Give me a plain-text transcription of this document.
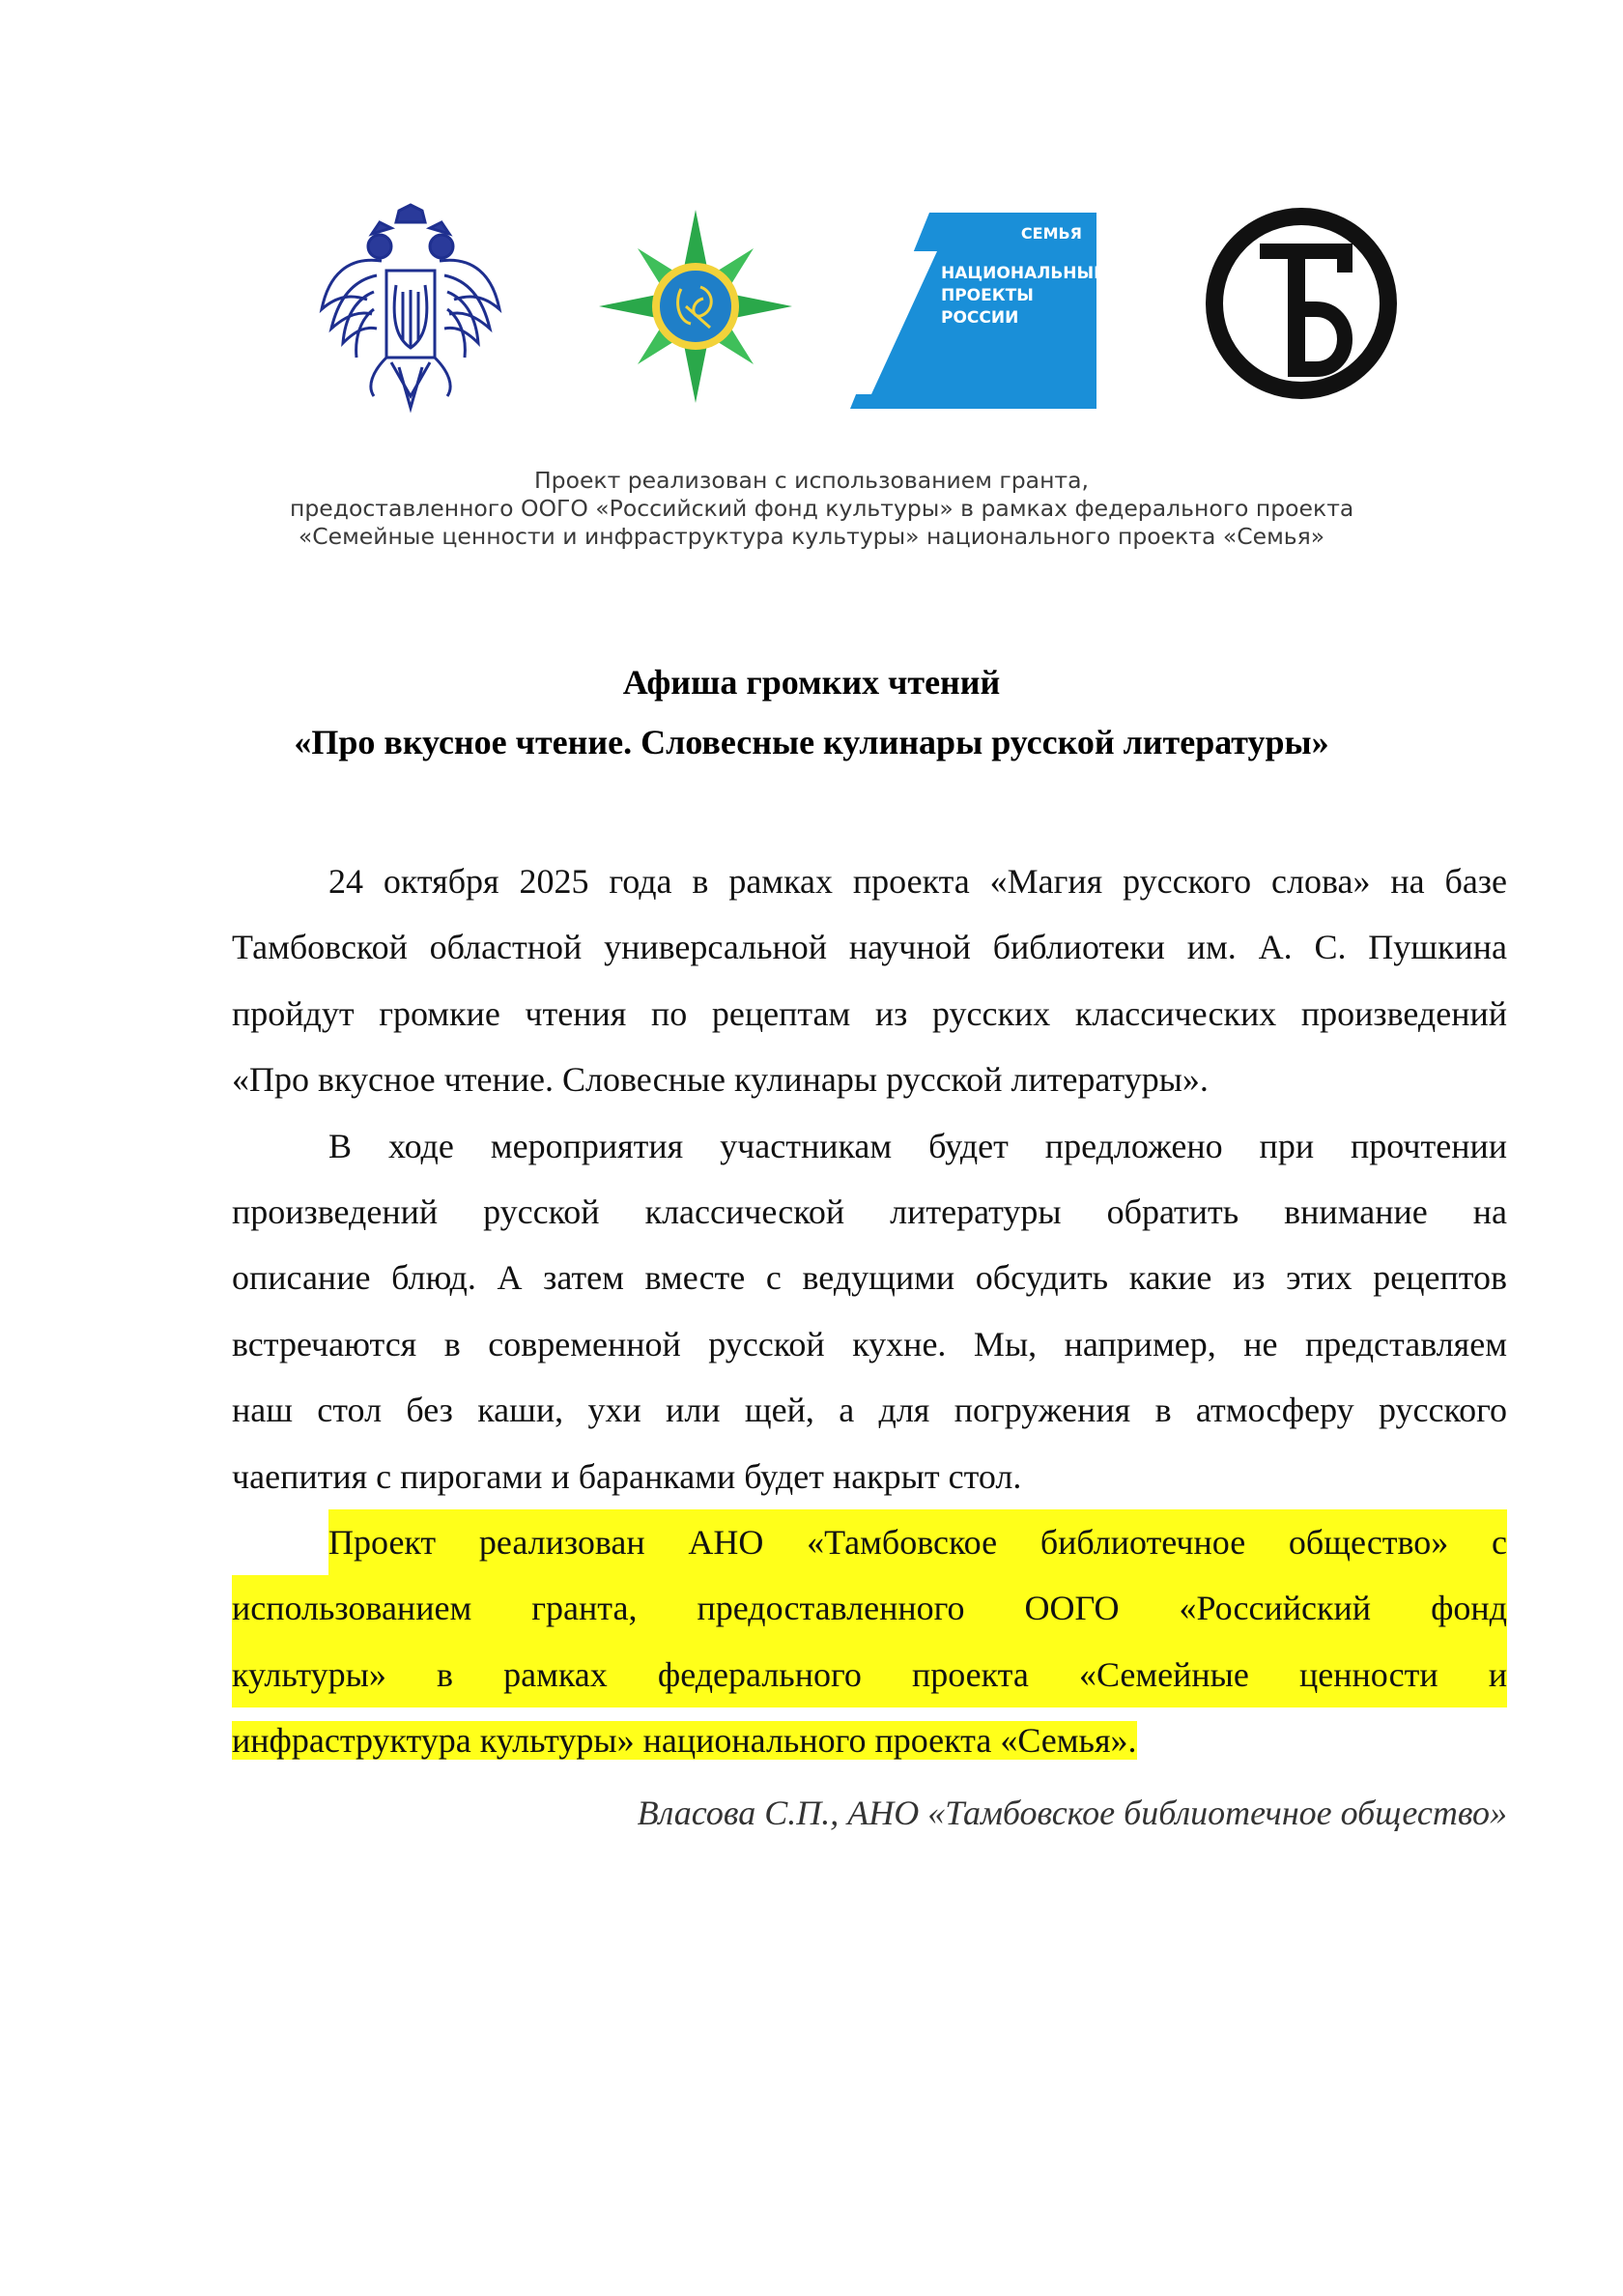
СЕМЬЯ
НАЦИОНАЛЬНЫЕ
ПРОЕКТЫ
РОССИИ
Проект реализован с использованием гранта,
предоставленного ООГО «Российский фонд культуры» в рамках федерального проекта
«Семейные ценности и инфраструктура культуры» национального проекта «Семья»
Афиша громких чтений
«Про вкусное чтение. Словесные кулинары русской литературы»
24 октября 2025 года в рамках проекта «Магия русского слова» на базе
Тамбовской областной универсальной научной библиотеки им. А. С. Пушкина
пройдут громкие чтения по рецептам из русских классических произведений
«Про вкусное чтение. Словесные кулинары русской литературы».
В ходе мероприятия участникам будет предложено при прочтении
произведений русской классической литературы обратить внимание на
описание блюд. А затем вместе с ведущими обсудить какие из этих рецептов
встречаются в современной русской кухне. Мы, например, не представляем
наш стол без каши, ухи или щей, а для погружения в атмосферу русского
чаепития с пирогами и баранками будет накрыт стол.
Проект реализован АНО «Тамбовское библиотечное общество» с
использованием гранта, предоставленного ООГО «Российский фонд
культуры» в рамках федерального проекта «Семейные ценности и
инфраструктура культуры» национального проекта «Семья».
Власова С.П., АНО «Тамбовское библиотечное общество»
